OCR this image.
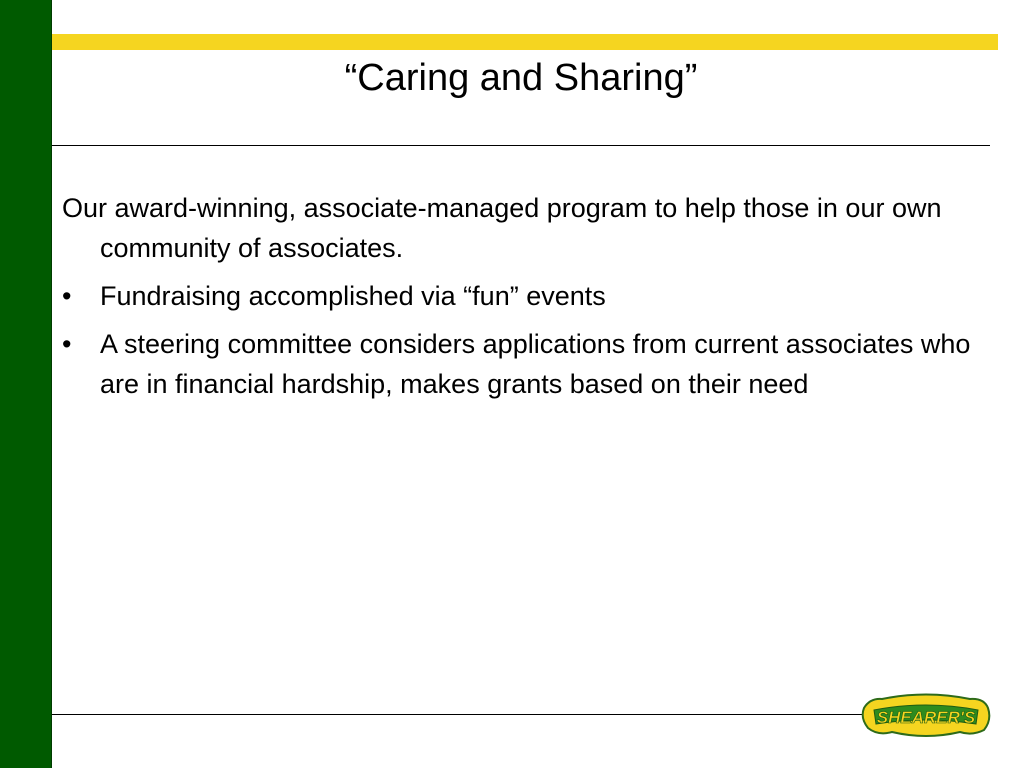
“Caring and Sharing”

Our award-winning, associate-managed program to help those in our own community of associates.

•	Fundraising accomplished via “fun” events
•	A steering committee considers applications from current associates who are in financial hardship, makes grants based on their need
SHEARER'S
